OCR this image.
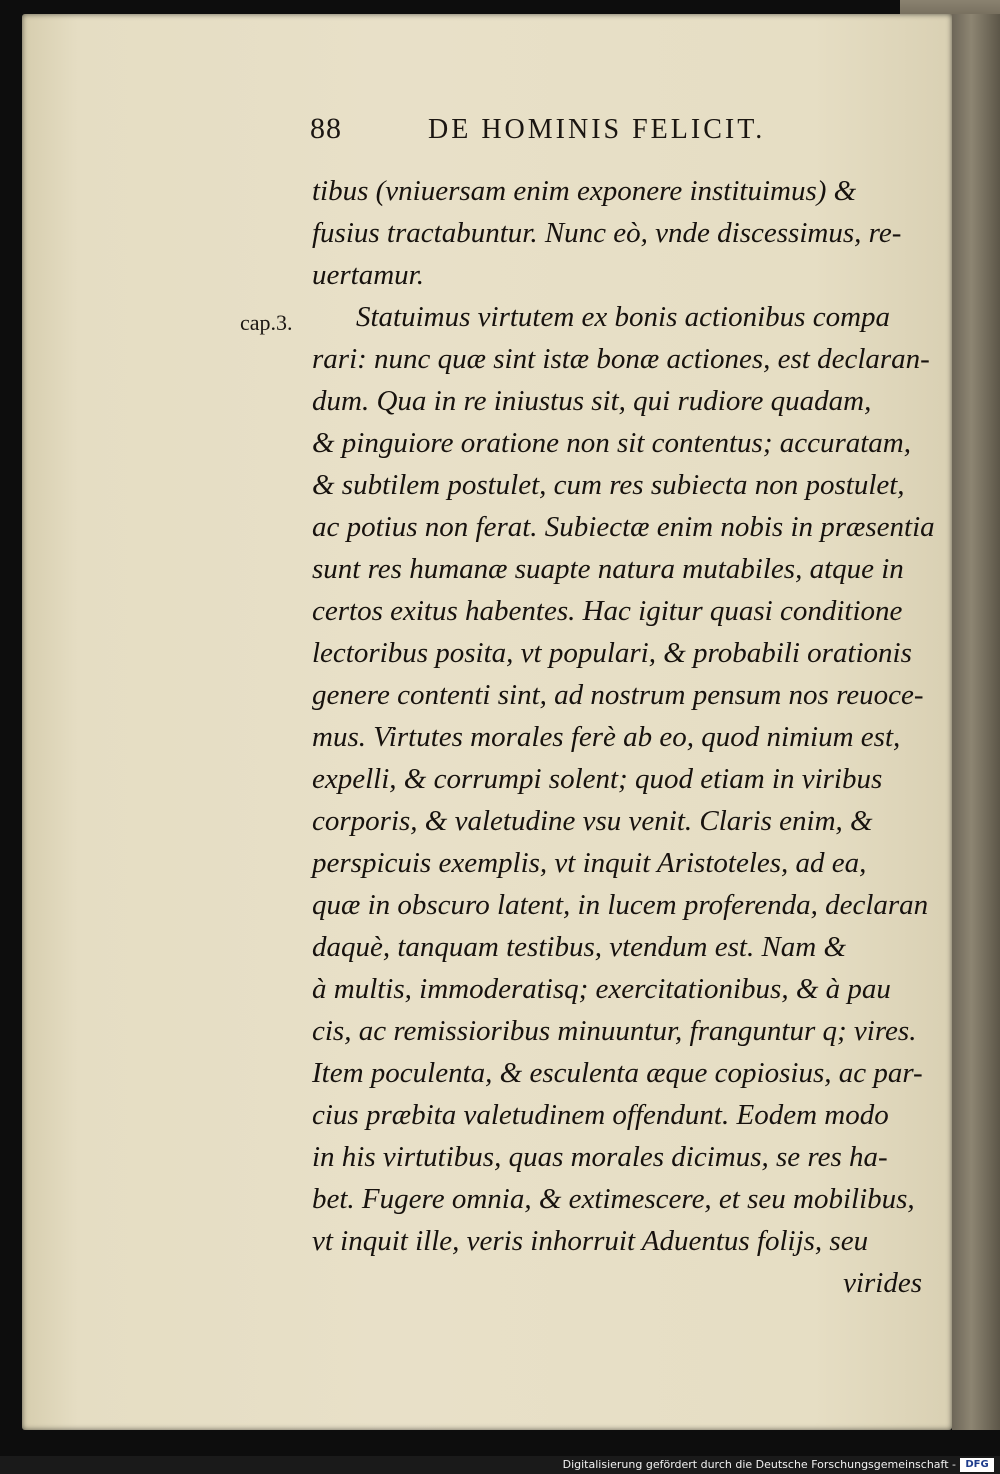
88	DE HOMINIS FELICIT.
cap.3.
tibus (vniuersam enim exponere instituimus) &
fusius tractabuntur. Nunc eò, vnde discessimus, re-
uertamur.
Statuimus virtutem ex bonis actionibus compa
rari: nunc quæ sint istæ bonæ actiones, est declaran-
dum. Qua in re iniustus sit, qui rudiore quadam,
& pinguiore oratione non sit contentus; accuratam,
& subtilem postulet, cum res subiecta non postulet,
ac potius non ferat. Subiectæ enim nobis in præsentia
sunt res humanæ suapte natura mutabiles, atque in
certos exitus habentes. Hac igitur quasi conditione
lectoribus posita, vt populari, & probabili orationis
genere contenti sint, ad nostrum pensum nos reuoce-
mus. Virtutes morales ferè ab eo, quod nimium est,
expelli, & corrumpi solent; quod etiam in viribus
corporis, & valetudine vsu venit. Claris enim, &
perspicuis exemplis, vt inquit Aristoteles, ad ea,
quæ in obscuro latent, in lucem proferenda, declaran
daquè, tanquam testibus, vtendum est. Nam &
à multis, immoderatisq; exercitationibus, & à pau
cis, ac remissioribus minuuntur, franguntur q; vires.
Item poculenta, & esculenta æque copiosius, ac par-
cius præbita valetudinem offendunt. Eodem modo
in his virtutibus, quas morales dicimus, se res ha-
bet. Fugere omnia, & extimescere, et seu mobilibus,
vt inquit ille, veris inhorruit Aduentus folijs, seu
virides
Digitalisierung gefördert durch die Deutsche Forschungsgemeinschaft - DFG
